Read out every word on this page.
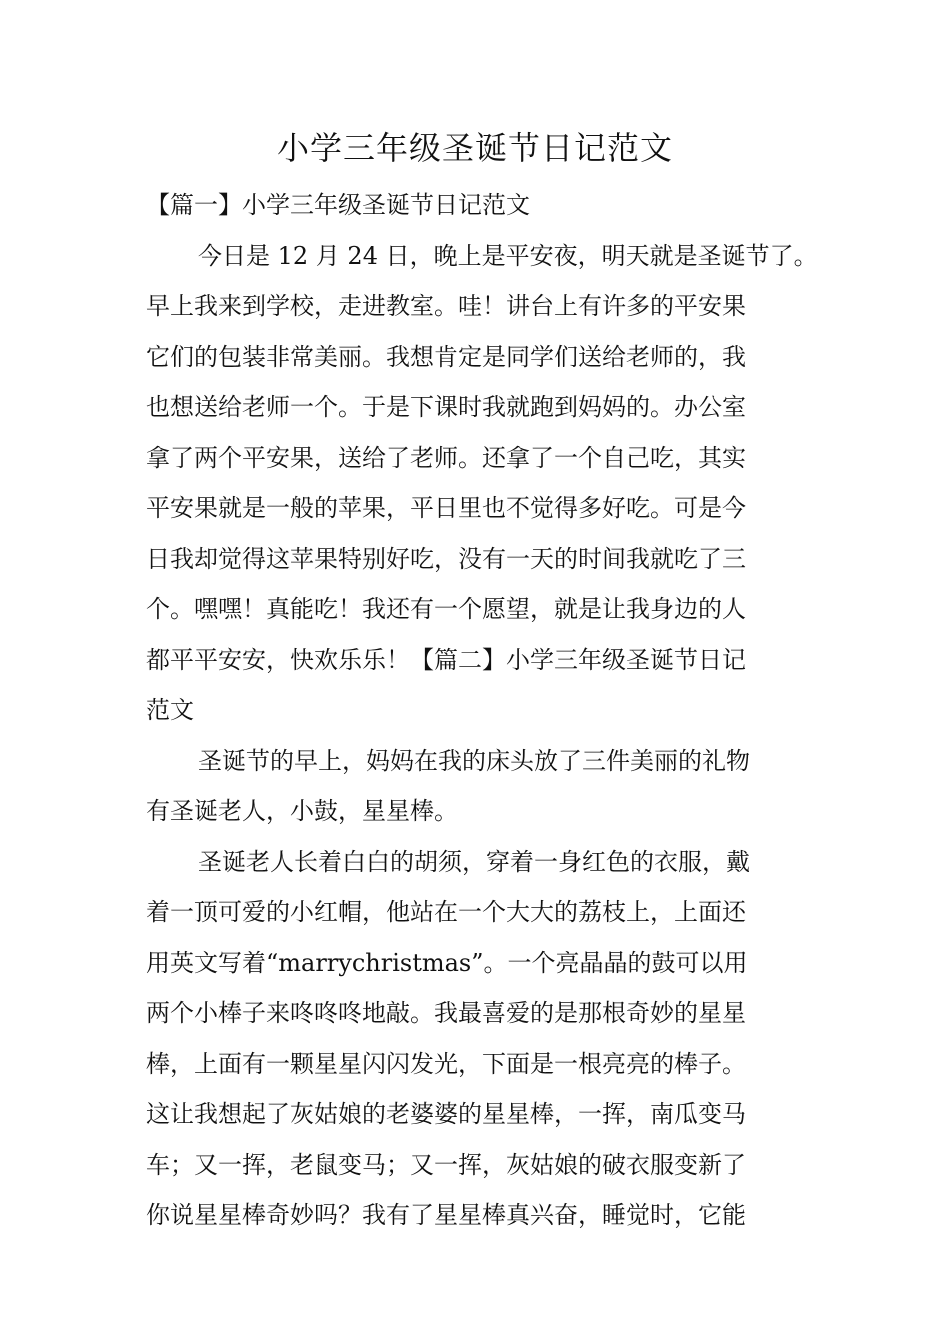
小学三年级圣诞节日记范文

【篇一】小学三年级圣诞节日记范文

今日是 12 月 24 日，晚上是平安夜，明天就是圣诞节了。

早上我来到学校，走进教室。哇！讲台上有许多的平安果

它们的包装非常美丽。我想肯定是同学们送给老师的，我

也想送给老师一个。于是下课时我就跑到妈妈的。办公室

拿了两个平安果，送给了老师。还拿了一个自己吃，其实

平安果就是一般的苹果，平日里也不觉得多好吃。可是今

日我却觉得这苹果特别好吃，没有一天的时间我就吃了三

个。嘿嘿！真能吃！我还有一个愿望，就是让我身边的人

都平平安安，快欢乐乐！【篇二】小学三年级圣诞节日记

范文

圣诞节的早上，妈妈在我的床头放了三件美丽的礼物

有圣诞老人，小鼓，星星棒。

圣诞老人长着白白的胡须，穿着一身红色的衣服，戴

着一顶可爱的小红帽，他站在一个大大的荔枝上，上面还

用英文写着“marrychristmas”。一个亮晶晶的鼓可以用

两个小棒子来咚咚咚地敲。我最喜爱的是那根奇妙的星星

棒，上面有一颗星星闪闪发光，下面是一根亮亮的棒子。

这让我想起了灰姑娘的老婆婆的星星棒，一挥，南瓜变马

车；又一挥，老鼠变马；又一挥，灰姑娘的破衣服变新了

你说星星棒奇妙吗？我有了星星棒真兴奋，睡觉时，它能
